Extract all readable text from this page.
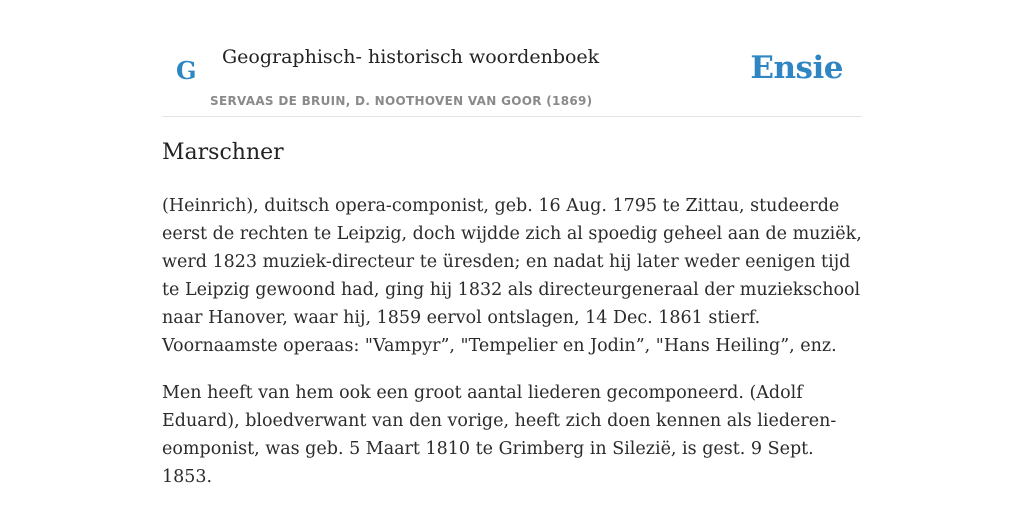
G Geographisch- historisch woordenboek
SERVAAS DE BRUIN, D. NOOTHOVEN VAN GOOR (1869)
Ensie
Marschner

(Heinrich), duitsch opera-componist, geb. 16 Aug. 1795 te Zittau, studeerde eerst de rechten te Leipzig, doch wijdde zich al spoedig geheel aan de muziëk, werd 1823 muziek-directeur te üresden; en nadat hij later weder eenigen tijd te Leipzig gewoond had, ging hij 1832 als directeurgeneraal der muziekschool naar Hanover, waar hij, 1859 eervol ontslagen, 14 Dec. 1861 stierf. Voornaamste operaas: "Vampyr”, "Tempelier en Jodin”, "Hans Heiling”, enz.

Men heeft van hem ook een groot aantal liederen gecomponeerd. (Adolf Eduard), bloedverwant van den vorige, heeft zich doen kennen als liederen-eomponist, was geb. 5 Maart 1810 te Grimberg in Silezië, is gest. 9 Sept. 1853.
